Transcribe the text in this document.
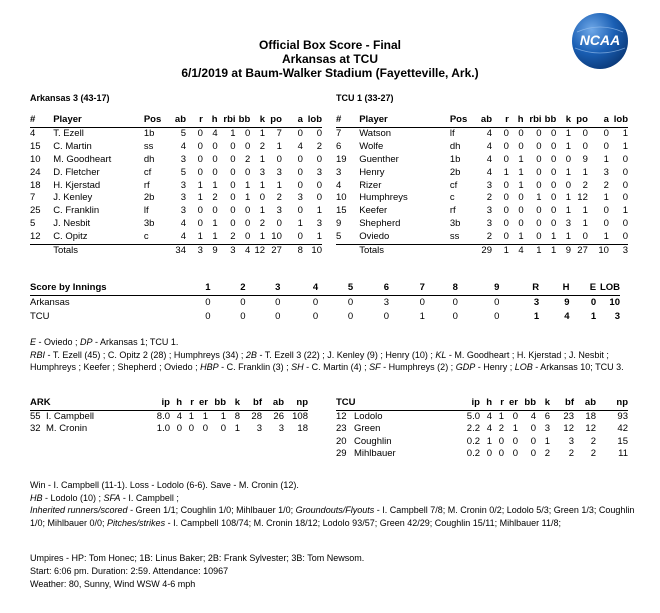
Official Box Score - Final
Arkansas at TCU
6/1/2019 at Baum-Walker Stadium (Fayetteville, Ark.)
NCAA
Arkansas 3 (43-17)	TCU 1 (33-27)
#	Player	Pos	ab	r	h	rbi	bb	k	po	a	lob
4	T. Ezell	1b	5	0	4	1	0	1	7	0	0
15	C. Martin	ss	4	0	0	0	0	2	1	4	2
10	M. Goodheart	dh	3	0	0	0	2	1	0	0	0
24	D. Fletcher	cf	5	0	0	0	0	3	3	0	3
18	H. Kjerstad	rf	3	1	1	0	1	1	1	0	0
7	J. Kenley	2b	3	1	2	0	1	0	2	3	0
25	C. Franklin	lf	3	0	0	0	0	1	3	0	1
5	J. Nesbit	3b	4	0	1	0	0	2	0	1	3
12	C. Opitz	c	4	1	1	2	0	1	10	0	1
	Totals		34	3	9	3	4	12	27	8	10
#	Player	Pos	ab	r	h	rbi	bb	k	po	a	lob
7	Watson	lf	4	0	0	0	0	1	0	0	1
6	Wolfe	dh	4	0	0	0	0	1	0	0	1
19	Guenther	1b	4	0	1	0	0	0	9	1	0
3	Henry	2b	4	1	1	0	0	1	1	3	0
4	Rizer	cf	3	0	1	0	0	0	2	2	0
10	Humphreys	c	2	0	0	1	0	1	12	1	0
15	Keefer	rf	3	0	0	0	0	1	1	0	1
9	Shepherd	3b	3	0	0	0	0	3	1	0	0
5	Oviedo	ss	2	0	1	0	1	1	0	1	0
	Totals		29	1	4	1	1	9	27	10	3
Score by Innings	1	2	3	4	5	6	7	8	9	R	H	E	LOB
Arkansas	0	0	0	0	0	3	0	0	0	3	9	0	10
TCU	0	0	0	0	0	0	1	0	0	1	4	1	3
E - Oviedo ; DP - Arkansas 1; TCU 1.
RBI - T. Ezell (45) ; C. Opitz 2 (28) ; Humphreys (34) ; 2B - T. Ezell 3 (22) ; J. Kenley (9) ; Henry (10) ; KL - M. Goodheart ; H. Kjerstad ; J. Nesbit ; Humphreys ; Keefer ; Shepherd ; Oviedo ; HBP - C. Franklin (3) ; SH - C. Martin (4) ; SF - Humphreys (2) ; GDP - Henry ; LOB - Arkansas 10; TCU 3.
ARK		ip	h	r	er	bb	k	bf	ab	np
55	I. Campbell	8.0	4	1	1	1	8	28	26	108
32	M. Cronin	1.0	0	0	0	0	1	3	3	18
TCU		ip	h	r	er	bb	k	bf	ab	np
12	Lodolo	5.0	4	1	0	4	6	23	18	93
23	Green	2.2	4	2	1	0	3	12	12	42
20	Coughlin	0.2	1	0	0	0	1	3	2	15
29	Mihlbauer	0.2	0	0	0	0	2	2	2	11
Win - I. Campbell (11-1). Loss - Lodolo (6-6). Save - M. Cronin (12).
HB - Lodolo (10) ; SFA - I. Campbell ;
Inherited runners/scored - Green 1/1; Coughlin 1/0; Mihlbauer 1/0; Groundouts/Flyouts - I. Campbell 7/8; M. Cronin 0/2; Lodolo 5/3; Green 1/3; Coughlin 1/0; Mihlbauer 0/0; Pitches/strikes - I. Campbell 108/74; M. Cronin 18/12; Lodolo 93/57; Green 42/29; Coughlin 15/11; Mihlbauer 11/8;
Umpires - HP: Tom Honec; 1B: Linus Baker; 2B: Frank Sylvester; 3B: Tom Newsom.
Start: 6:06 pm. Duration: 2:59. Attendance: 10967
Weather: 80, Sunny, Wind WSW 4-6 mph
